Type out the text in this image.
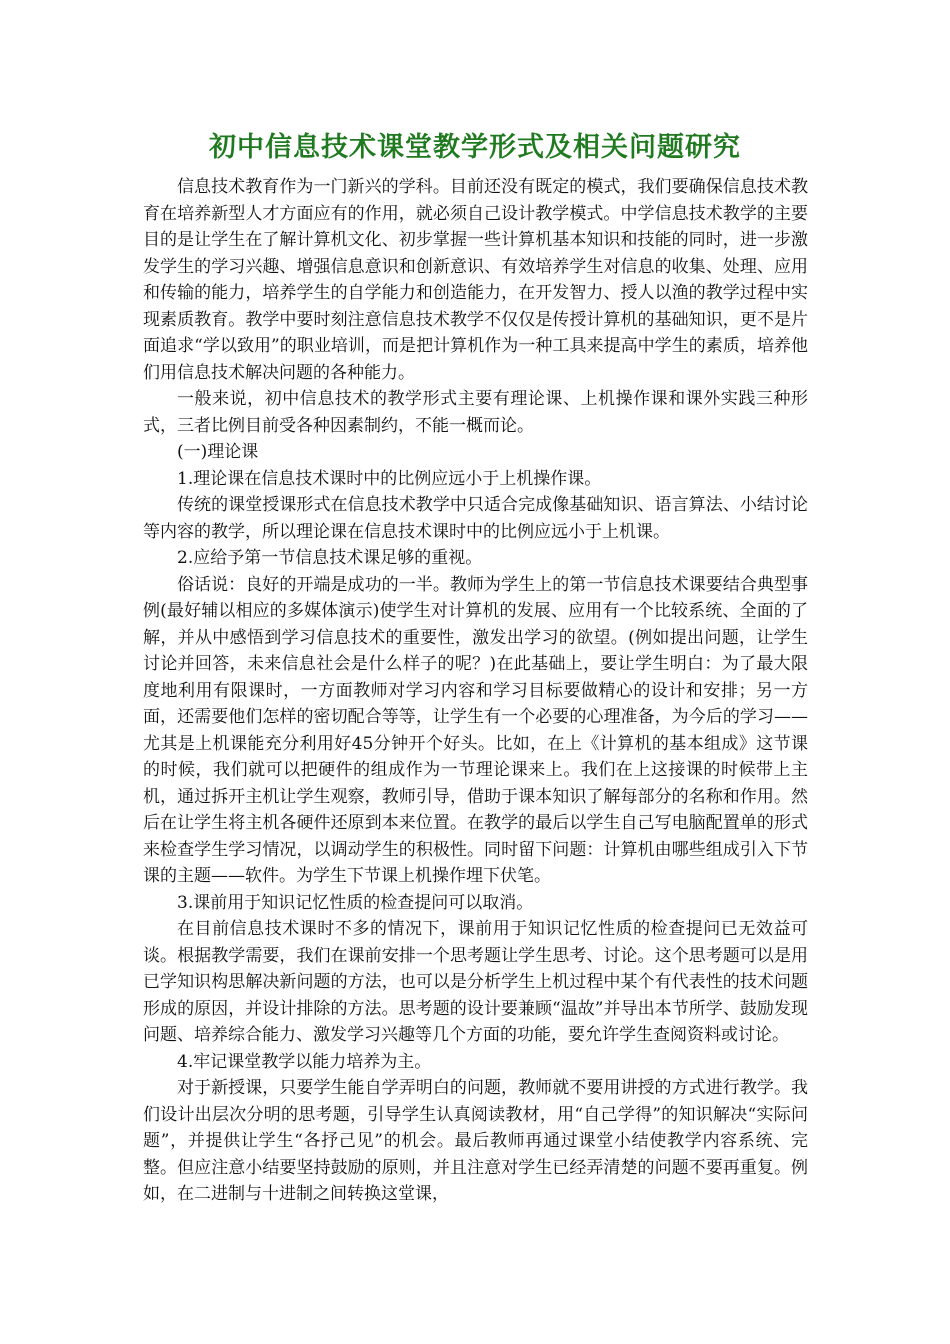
初中信息技术课堂教学形式及相关问题研究

信息技术教育作为一门新兴的学科。目前还没有既定的模式，我们要确保信息技术教育在培养新型人才方面应有的作用，就必须自己设计教学模式。中学信息技术教学的主要目的是让学生在了解计算机文化、初步掌握一些计算机基本知识和技能的同时，进一步激发学生的学习兴趣、增强信息意识和创新意识、有效培养学生对信息的收集、处理、应用和传输的能力，培养学生的自学能力和创造能力，在开发智力、授人以渔的教学过程中实现素质教育。教学中要时刻注意信息技术教学不仅仅是传授计算机的基础知识，更不是片面追求“学以致用”的职业培训，而是把计算机作为一种工具来提高中学生的素质，培养他们用信息技术解决问题的各种能力。

一般来说，初中信息技术的教学形式主要有理论课、上机操作课和课外实践三种形式，三者比例目前受各种因素制约，不能一概而论。

(一)理论课

1.理论课在信息技术课时中的比例应远小于上机操作课。

传统的课堂授课形式在信息技术教学中只适合完成像基础知识、语言算法、小结讨论等内容的教学，所以理论课在信息技术课时中的比例应远小于上机课。

2.应给予第一节信息技术课足够的重视。

俗话说：良好的开端是成功的一半。教师为学生上的第一节信息技术课要结合典型事例(最好辅以相应的多媒体演示)使学生对计算机的发展、应用有一个比较系统、全面的了解，并从中感悟到学习信息技术的重要性，激发出学习的欲望。(例如提出问题，让学生讨论并回答，未来信息社会是什么样子的呢？)在此基础上，要让学生明白：为了最大限度地利用有限课时，一方面教师对学习内容和学习目标要做精心的设计和安排；另一方面，还需要他们怎样的密切配合等等，让学生有一个必要的心理准备，为今后的学习——尤其是上机课能充分利用好45分钟开个好头。比如，在上《计算机的基本组成》这节课的时候，我们就可以把硬件的组成作为一节理论课来上。我们在上这接课的时候带上主机，通过拆开主机让学生观察，教师引导，借助于课本知识了解每部分的名称和作用。然后在让学生将主机各硬件还原到本来位置。在教学的最后以学生自己写电脑配置单的形式来检查学生学习情况，以调动学生的积极性。同时留下问题：计算机由哪些组成引入下节课的主题——软件。为学生下节课上机操作埋下伏笔。

3.课前用于知识记忆性质的检查提问可以取消。

在目前信息技术课时不多的情况下，课前用于知识记忆性质的检查提问已无效益可谈。根据教学需要，我们在课前安排一个思考题让学生思考、讨论。这个思考题可以是用已学知识构思解决新问题的方法，也可以是分析学生上机过程中某个有代表性的技术问题形成的原因，并设计排除的方法。思考题的设计要兼顾“温故”并导出本节所学、鼓励发现问题、培养综合能力、激发学习兴趣等几个方面的功能，要允许学生查阅资料或讨论。

4.牢记课堂教学以能力培养为主。

对于新授课，只要学生能自学弄明白的问题，教师就不要用讲授的方式进行教学。我们设计出层次分明的思考题，引导学生认真阅读教材，用“自己学得”的知识解决“实际问题”，并提供让学生“各抒己见”的机会。最后教师再通过课堂小结使教学内容系统、完整。但应注意小结要坚持鼓励的原则，并且注意对学生已经弄清楚的问题不要再重复。例如，在二进制与十进制之间转换这堂课，
